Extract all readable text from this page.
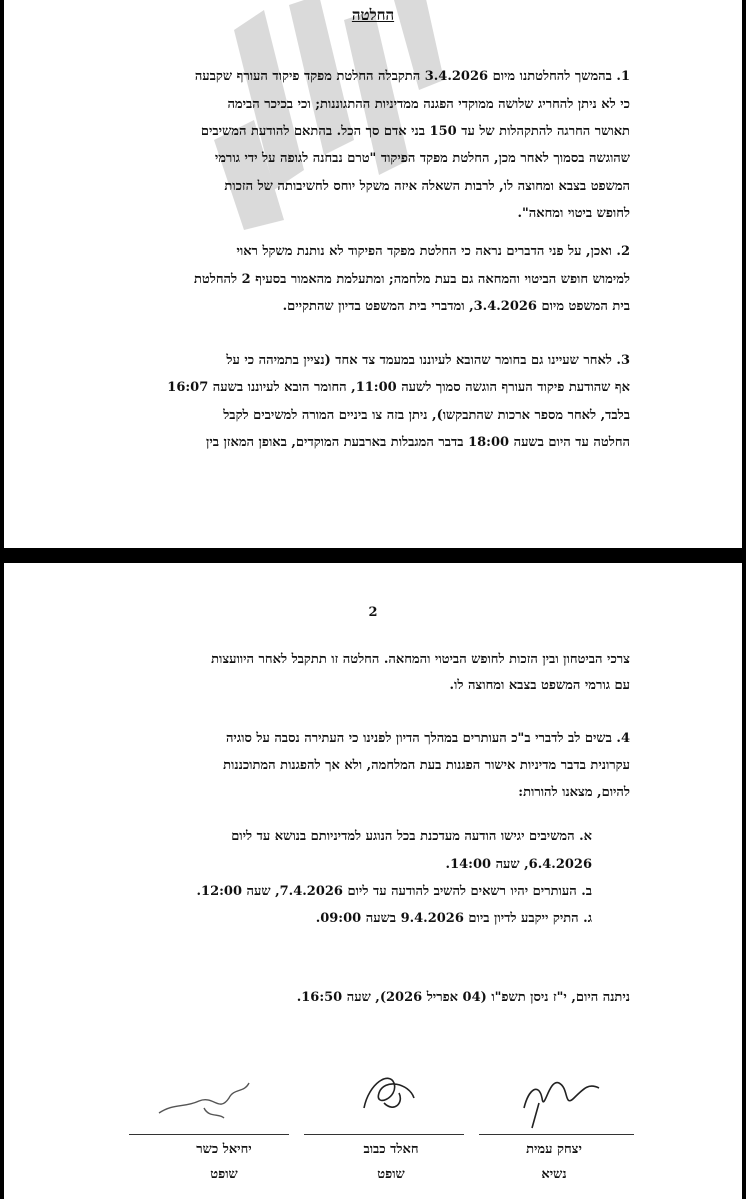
החלטה
1. בהמשך להחלטתנו מיום 3.4.2026 התקבלה החלטת מפקד פיקוד העורף שקבעה
כי לא ניתן להחריג שלושה ממוקדי הפגנה ממדיניות ההתגוננות; וכי בכיכר הבימה
תאושר החרגה להתקהלות של עד 150 בני אדם סך הכל. בהתאם להודעת המשיבים
שהוגשה בסמוך לאחר מכן, החלטת מפקד הפיקוד "טרם נבחנה לגופה על ידי גורמי
המשפט בצבא ומחוצה לו, לרבות השאלה איזה משקל יוחס לחשיבותה של הזכות
לחופש ביטוי ומחאה".
2. ואכן, על פני הדברים נראה כי החלטת מפקד הפיקוד לא נותנת משקל ראוי
למימוש חופש הביטוי והמחאה גם בעת מלחמה; ומתעלמת מהאמור בסעיף 2 להחלטת
בית המשפט מיום 3.4.2026, ומדברי בית המשפט בדיון שהתקיים.
3. לאחר שעיינו גם בחומר שהובא לעיוננו במעמד צד אחד (נציין בתמיהה כי על
אף שהודעת פיקוד העורף הוגשה סמוך לשעה 11:00, החומר הובא לעיוננו בשעה 16:07
בלבד, לאחר מספר ארכות שהתבקשו), ניתן בזה צו ביניים המורה למשיבים לקבל
החלטה עד היום בשעה 18:00 בדבר המגבלות בארבעת המוקדים, באופן המאזן בין
2
צרכי הביטחון ובין הזכות לחופש הביטוי והמחאה. החלטה זו תתקבל לאחר היוועצות
עם גורמי המשפט בצבא ומחוצה לו.
4. בשים לב לדברי ב"כ העותרים במהלך הדיון לפנינו כי העתירה נסבה על סוגיה
עקרונית בדבר מדיניות אישור הפגנות בעת המלחמה, ולא אך להפגנות המתוכננות
להיום, מצאנו להורות:
א. המשיבים יגישו הודעה מעדכנת בכל הנוגע למדיניותם בנושא עד ליום
6.4.2026, שעה 14:00.
ב. העותרים יהיו רשאים להשיב להודעה עד ליום 7.4.2026, שעה 12:00.
ג. התיק ייקבע לדיון ביום 9.4.2026 בשעה 09:00.
ניתנה היום, י"ז ניסן תשפ"ו (04 אפריל 2026), שעה 16:50.
יצחק עמית
נשיא
חאלד כבוב
שופט
יחיאל כשר
שופט
